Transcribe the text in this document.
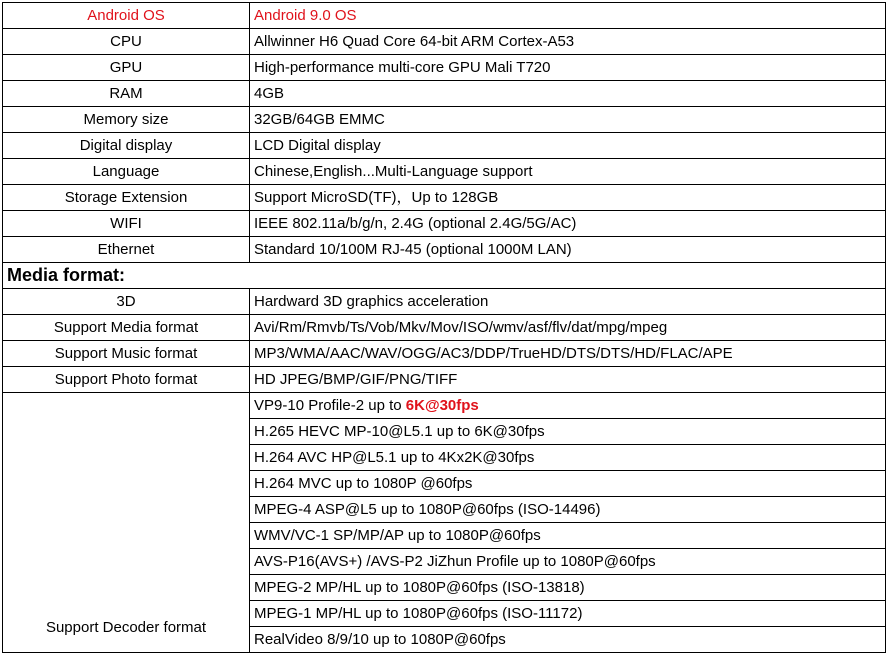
Android OS	Android 9.0 OS
CPU	Allwinner H6 Quad Core 64-bit ARM Cortex-A53
GPU	High-performance multi-core GPU Mali T720
RAM	4GB
Memory size	32GB/64GB EMMC
Digital display	LCD Digital display
Language	Chinese,English...Multi-Language support
Storage Extension	Support MicroSD(TF)，Up to 128GB
WIFI	IEEE 802.11a/b/g/n, 2.4G (optional 2.4G/5G/AC)
Ethernet	Standard 10/100M RJ-45 (optional 1000M LAN)
Media format:	
3D	Hardward 3D graphics acceleration
Support Media format	Avi/Rm/Rmvb/Ts/Vob/Mkv/Mov/ISO/wmv/asf/flv/dat/mpg/mpeg
Support Music format	MP3/WMA/AAC/WAV/OGG/AC3/DDP/TrueHD/DTS/DTS/HD/FLAC/APE
Support Photo format	HD JPEG/BMP/GIF/PNG/TIFF
Support Decoder format	VP9-10 Profile-2 up to 6K@30fps
	H.265 HEVC MP-10@L5.1 up to 6K@30fps
	H.264 AVC HP@L5.1 up to 4Kx2K@30fps
	H.264 MVC up to 1080P @60fps
	MPEG-4 ASP@L5 up to 1080P@60fps (ISO-14496)
	WMV/VC-1 SP/MP/AP up to 1080P@60fps
	AVS-P16(AVS+) /AVS-P2 JiZhun Profile up to 1080P@60fps
	MPEG-2 MP/HL up to 1080P@60fps (ISO-13818)
	MPEG-1 MP/HL up to 1080P@60fps (ISO-11172)
	RealVideo 8/9/10 up to 1080P@60fps
